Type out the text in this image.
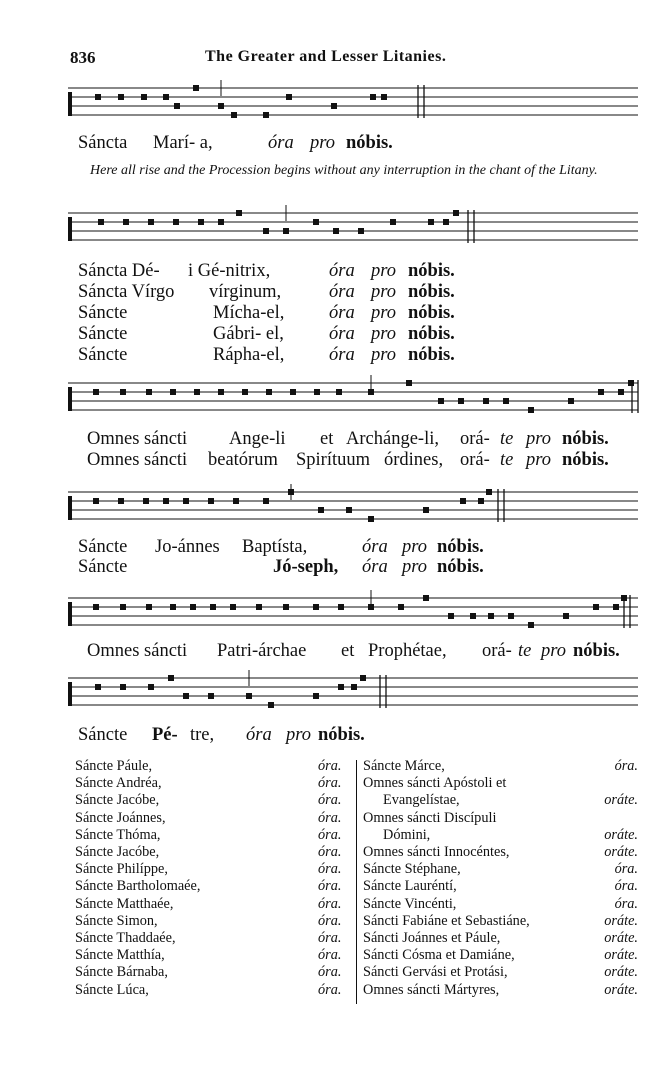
836	The Greater and Lesser Litanies.
Sáncta Marí- a,	óra pro nóbis.
Here all rise and the Procession begins without any interruption in the chant of the Litany.
Sáncta Dé- i Gé-nitrix,	óra pro nóbis.
Sáncta Vírgo vírginum,	óra pro nóbis.
Sáncte	Mícha-el, óra pro nóbis.
Sáncte	Gábri- el, óra pro nóbis.
Sáncte	Rápha-el, óra pro nóbis.
Omnes sáncti Ange-li et Archánge-li, orá- te pro nóbis.
Omnes sáncti beatórum Spirítuum órdines, orá- te pro nóbis.
Sáncte Jo-ánnes Baptísta,	óra pro nóbis.
Sáncte	Jó-seph, óra pro nóbis.
Omnes sáncti Patri-árchae et Prophétae, orá- te pro nóbis.
Sáncte Pé- tre, óra pro nóbis.
Sáncte Páule,	óra.
Sáncte Andréa,	óra.
Sáncte Jacóbe,	óra.
Sáncte Joánnes,	óra.
Sáncte Thóma,	óra.
Sáncte Jacóbe,	óra.
Sáncte Philíppe,	óra.
Sáncte Bartholomaée,	óra.
Sáncte Matthaée,	óra.
Sáncte Simon,	óra.
Sáncte Thaddaée,	óra.
Sáncte Matthía,	óra.
Sáncte Bárnaba,	óra.
Sáncte Lúca,	óra.
Sáncte Márce,	óra.
Omnes sáncti Apóstoli et
Evangelístae,	oráte.
Omnes sáncti Discípuli
Dómini,	oráte.
Omnes sáncti Innocéntes,	oráte.
Sáncte Stéphane,	óra.
Sáncte Lauréntí,	óra.
Sáncte Vincénti,	óra.
Sáncti Fabiáne et Sebastiáne,	oráte.
Sáncti Joánnes et Páule,	oráte.
Sáncti Cósma et Damiáne,	oráte.
Sáncti Gervási et Protási,	oráte.
Omnes sáncti Mártyres,	oráte.
